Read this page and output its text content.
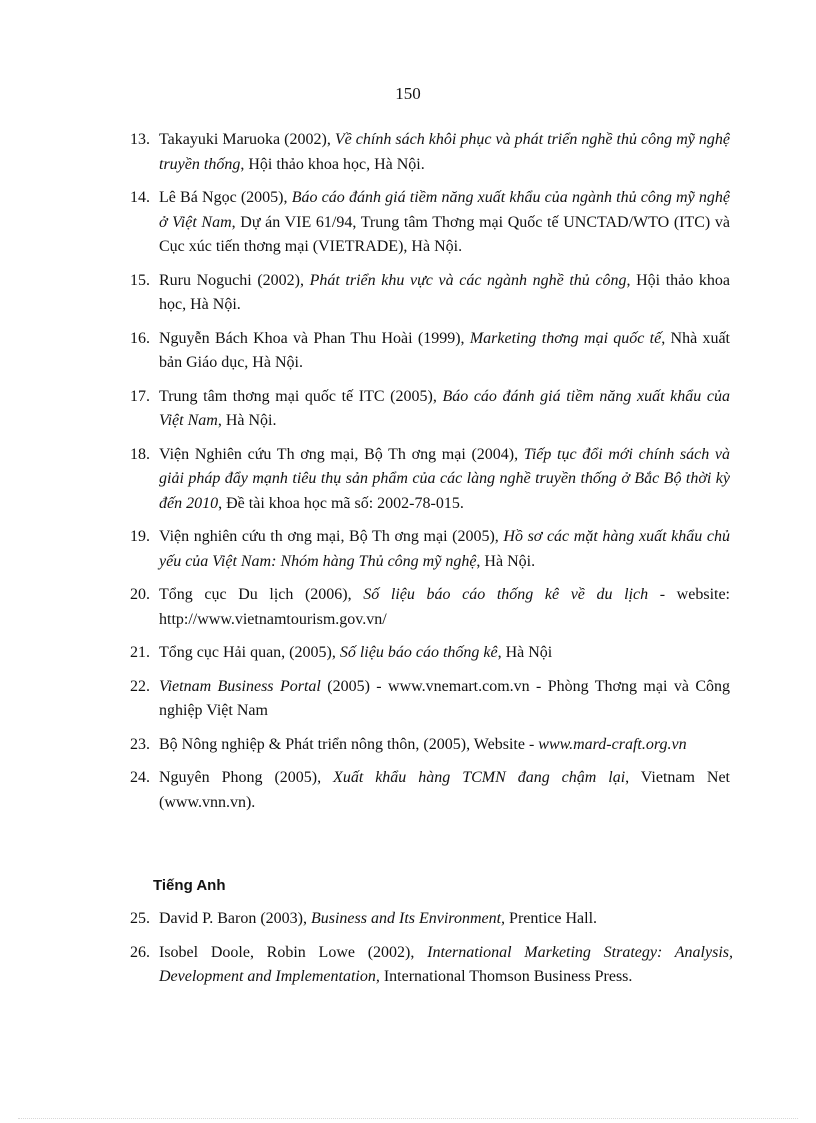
150
13. Takayuki Maruoka (2002), Về chính sách khôi phục và phát triển nghề thủ công mỹ nghệ truyền thống, Hội thảo khoa học, Hà Nội.
14. Lê Bá Ngọc (2005), Báo cáo đánh giá tiềm năng xuất khẩu của ngành thủ công mỹ nghệ ở Việt Nam, Dự án VIE 61/94, Trung tâm Thơng mại Quốc tế UNCTAD/WTO (ITC) và Cục xúc tiến thơng mại (VIETRADE), Hà Nội.
15. Ruru Noguchi (2002), Phát triển khu vực và các ngành nghề thủ công, Hội thảo khoa học, Hà Nội.
16. Nguyễn Bách Khoa và Phan Thu Hoài (1999), Marketing thơng mại quốc tế, Nhà xuất bản Giáo dục, Hà Nội.
17. Trung tâm thơng mại quốc tế ITC (2005), Báo cáo đánh giá tiềm năng xuất khẩu của Việt Nam, Hà Nội.
18. Viện Nghiên cứu Th ơng mại, Bộ Th ơng mại (2004), Tiếp tục đổi mới chính sách và giải pháp đẩy mạnh tiêu thụ sản phẩm của các làng nghề truyền thống ở Bắc Bộ thời kỳ đến 2010, Đề tài khoa học mã số: 2002-78-015.
19. Viện nghiên cứu th ơng mại, Bộ Th ơng mại (2005), Hồ sơ các mặt hàng xuất khẩu chủ yếu của Việt Nam: Nhóm hàng Thủ công mỹ nghệ, Hà Nội.
20. Tổng cục Du lịch (2006), Số liệu báo cáo thống kê về du lịch - website: http://www.vietnamtourism.gov.vn/
21. Tổng cục Hải quan, (2005), Số liệu báo cáo thống kê, Hà Nội
22. Vietnam Business Portal (2005) - www.vnemart.com.vn - Phòng Thơng mại và Công nghiệp Việt Nam
23. Bộ Nông nghiệp & Phát triển nông thôn, (2005), Website - www.mard-craft.org.vn
24. Nguyên Phong (2005), Xuất khẩu hàng TCMN đang chậm lại, Vietnam Net (www.vnn.vn).
Tiếng Anh
25. David P. Baron (2003), Business and Its Environment, Prentice Hall.
26. Isobel Doole, Robin Lowe (2002), International Marketing Strategy: Analysis, Development and Implementation, International Thomson Business Press.
